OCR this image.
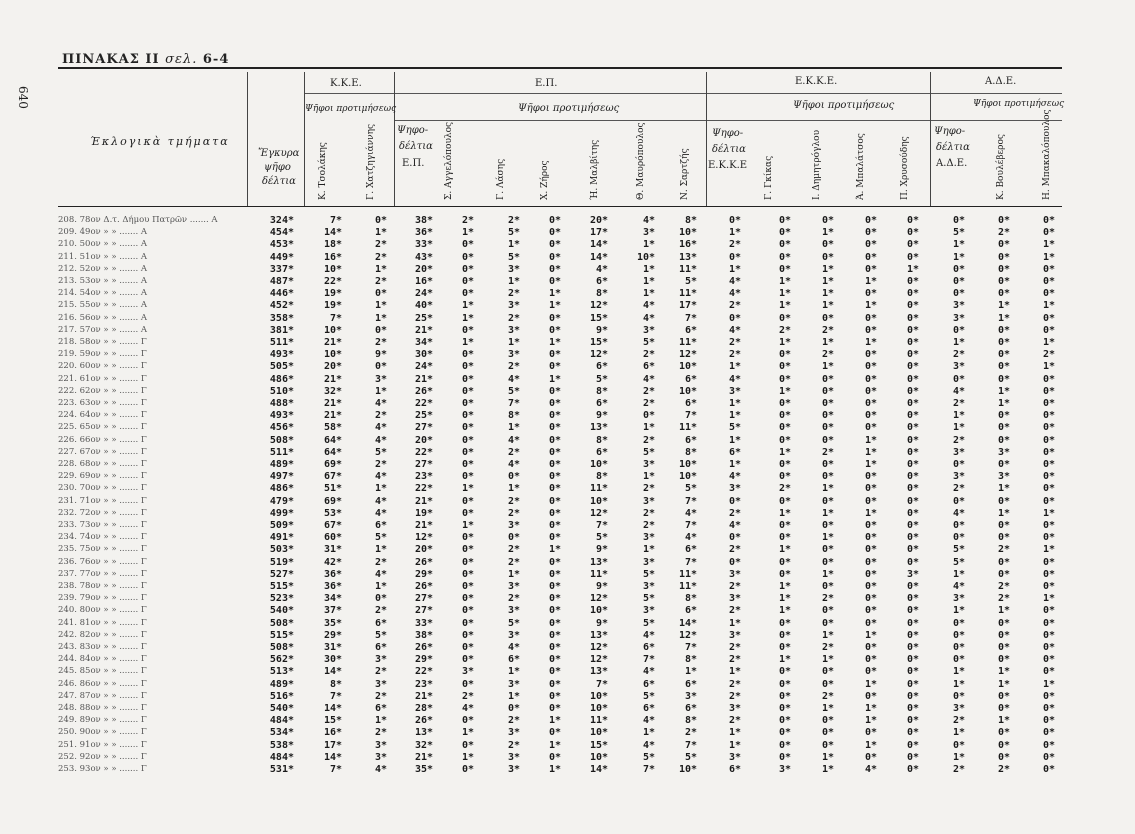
ΠΙΝΑΚΑΣ ΙΙ σελ. 6-4
640
Έκλογικὰ τμήματα
Ἔγκυρα
ψῆφο
δέλτια
Κ.Κ.Ε.
Ψῆφοι προτιμήσεως
Κ. Τσολάκης	Γ. Χατζηγιάννης
Ε.Π.
Ψηφο-
δέλτια
Ε.Π.
Ψῆφοι προτιμήσεως
Σ. Αγγελόπουλος	Γ. Λάσης	Χ. Ζήρος	Ή. Μαλβίτης	Θ. Μαυρόπουλος	Ν. Σαρτζής
Ε.Κ.Κ.Ε.
Ψηφο-
δέλτια
Ε.Κ.Κ.Ε
Ψῆφοι προτιμήσεως
Γ. Γκίκας	Ι. Δημητρόγλου	Ά. Μπαλάτσος	Π. Χρυσούδης
Α.Δ.Ε.
Ψηφο-
δέλτια
Α.Δ.Ε.
Ψῆφοι προτιμήσεως
Κ. Βουλέβερος	Η. Μπακαλόπουλος
208. 78ον Δ.τ. Δήμου Πατρῶν ....... Α	324*	7*	0*	38*	2*	2*	0*	20*	4*	8*	0*	0*	0*	0*	0*	0*	0*	0*
209. 49ον » » ....... Α	454*	14*	1*	36*	1*	5*	0*	17*	3*	10*	1*	0*	1*	0*	0*	5*	2*	0*
210. 50ον » » ....... Α	453*	18*	2*	33*	0*	1*	0*	14*	1*	16*	2*	0*	0*	0*	0*	1*	0*	1*
211. 51ον » » ....... Α	449*	16*	2*	43*	0*	5*	0*	14*	10*	13*	0*	0*	0*	0*	0*	1*	0*	1*
212. 52ον » » ....... Α	337*	10*	1*	20*	0*	3*	0*	4*	1*	11*	1*	0*	1*	0*	1*	0*	0*	0*
213. 53ον » » ....... Α	487*	22*	2*	16*	0*	1*	0*	6*	1*	5*	4*	1*	1*	1*	0*	0*	0*	0*
214. 54ον » » ....... Α	446*	19*	0*	24*	0*	2*	1*	8*	1*	11*	4*	1*	1*	0*	0*	0*	0*	0*
215. 55ον » » ....... Α	452*	19*	1*	40*	1*	3*	1*	12*	4*	17*	2*	1*	1*	1*	0*	3*	1*	1*
216. 56ον » » ....... Α	358*	7*	1*	25*	1*	2*	0*	15*	4*	7*	0*	0*	0*	0*	0*	3*	1*	0*
217. 57ον » » ....... Α	381*	10*	0*	21*	0*	3*	0*	9*	3*	6*	4*	2*	2*	0*	0*	0*	0*	0*
218. 58ον » » ....... Γ	511*	21*	2*	34*	1*	1*	1*	15*	5*	11*	2*	1*	1*	1*	0*	1*	0*	1*
219. 59ον » » ....... Γ	493*	10*	9*	30*	0*	3*	0*	12*	2*	12*	2*	0*	2*	0*	0*	2*	0*	2*
220. 60ον » » ....... Γ	505*	20*	0*	24*	0*	2*	0*	6*	6*	10*	1*	0*	1*	0*	0*	3*	0*	1*
221. 61ον » » ....... Γ	486*	21*	3*	21*	0*	4*	1*	5*	4*	6*	4*	0*	0*	0*	0*	0*	0*	0*
222. 62ον » » ....... Γ	510*	32*	1*	26*	0*	5*	0*	8*	2*	10*	3*	1*	0*	0*	0*	4*	1*	0*
223. 63ον » » ....... Γ	488*	21*	4*	22*	0*	7*	0*	6*	2*	6*	1*	0*	0*	0*	0*	2*	1*	0*
224. 64ον » » ....... Γ	493*	21*	2*	25*	0*	8*	0*	9*	0*	7*	1*	0*	0*	0*	0*	1*	0*	0*
225. 65ον » » ....... Γ	456*	58*	4*	27*	0*	1*	0*	13*	1*	11*	5*	0*	0*	0*	0*	1*	0*	0*
226. 66ον » » ....... Γ	508*	64*	4*	20*	0*	4*	0*	8*	2*	6*	1*	0*	0*	1*	0*	2*	0*	0*
227. 67ον » » ....... Γ	511*	64*	5*	22*	0*	2*	0*	6*	5*	8*	6*	1*	2*	1*	0*	3*	3*	0*
228. 68ον » » ....... Γ	489*	69*	2*	27*	0*	4*	0*	10*	3*	10*	1*	0*	0*	1*	0*	0*	0*	0*
229. 69ον » » ....... Γ	497*	67*	4*	23*	0*	0*	0*	8*	1*	10*	4*	0*	0*	0*	0*	3*	3*	0*
230. 70ον » » ....... Γ	486*	51*	1*	22*	1*	1*	0*	11*	2*	5*	3*	2*	1*	0*	0*	2*	1*	0*
231. 71ον » » ....... Γ	479*	69*	4*	21*	0*	2*	0*	10*	3*	7*	0*	0*	0*	0*	0*	0*	0*	0*
232. 72ον » » ....... Γ	499*	53*	4*	19*	0*	2*	0*	12*	2*	4*	2*	1*	1*	1*	0*	4*	1*	1*
233. 73ον » » ....... Γ	509*	67*	6*	21*	1*	3*	0*	7*	2*	7*	4*	0*	0*	0*	0*	0*	0*	0*
234. 74ον » » ....... Γ	491*	60*	5*	12*	0*	0*	0*	5*	3*	4*	0*	0*	1*	0*	0*	0*	0*	0*
235. 75ον » » ....... Γ	503*	31*	1*	20*	0*	2*	1*	9*	1*	6*	2*	1*	0*	0*	0*	5*	2*	1*
236. 76ον » » ....... Γ	519*	42*	2*	26*	0*	2*	0*	13*	3*	7*	0*	0*	0*	0*	0*	5*	0*	0*
237. 77ον » » ....... Γ	527*	36*	4*	29*	0*	1*	0*	11*	5*	11*	3*	0*	1*	0*	3*	1*	0*	0*
238. 78ον » » ....... Γ	515*	36*	1*	26*	0*	3*	0*	9*	3*	11*	2*	1*	0*	0*	0*	4*	2*	0*
239. 79ον » » ....... Γ	523*	34*	0*	27*	0*	2*	0*	12*	5*	8*	3*	1*	2*	0*	0*	3*	2*	1*
240. 80ον » » ....... Γ	540*	37*	2*	27*	0*	3*	0*	10*	3*	6*	2*	1*	0*	0*	0*	1*	1*	0*
241. 81ον » » ....... Γ	508*	35*	6*	33*	0*	5*	0*	9*	5*	14*	1*	0*	0*	0*	0*	0*	0*	0*
242. 82ον » » ....... Γ	515*	29*	5*	38*	0*	3*	0*	13*	4*	12*	3*	0*	1*	1*	0*	0*	0*	0*
243. 83ον » » ....... Γ	508*	31*	6*	26*	0*	4*	0*	12*	6*	7*	2*	0*	2*	0*	0*	0*	0*	0*
244. 84ον » » ....... Γ	562*	30*	3*	29*	0*	6*	0*	12*	7*	8*	2*	1*	1*	0*	0*	0*	0*	0*
245. 85ον » » ....... Γ	513*	14*	2*	22*	3*	1*	0*	13*	4*	1*	1*	0*	0*	0*	0*	1*	1*	0*
246. 86ον » » ....... Γ	489*	8*	3*	23*	0*	3*	0*	7*	6*	6*	2*	0*	0*	1*	0*	1*	1*	1*
247. 87ον » » ....... Γ	516*	7*	2*	21*	2*	1*	0*	10*	5*	3*	2*	0*	2*	0*	0*	0*	0*	0*
248. 88ον » » ....... Γ	540*	14*	6*	28*	4*	0*	0*	10*	6*	6*	3*	0*	1*	1*	0*	3*	0*	0*
249. 89ον » » ....... Γ	484*	15*	1*	26*	0*	2*	1*	11*	4*	8*	2*	0*	0*	1*	0*	2*	1*	0*
250. 90ον » » ....... Γ	534*	16*	2*	13*	1*	3*	0*	10*	1*	2*	1*	0*	0*	0*	0*	1*	0*	0*
251. 91ον » » ....... Γ	538*	17*	3*	32*	0*	2*	1*	15*	4*	7*	1*	0*	0*	1*	0*	0*	0*	0*
252. 92ον » » ....... Γ	484*	14*	3*	21*	1*	3*	0*	10*	5*	5*	3*	0*	1*	0*	0*	1*	0*	0*
253. 93ον » » ....... Γ	531*	7*	4*	35*	0*	3*	1*	14*	7*	10*	6*	3*	1*	4*	0*	2*	2*	0*
